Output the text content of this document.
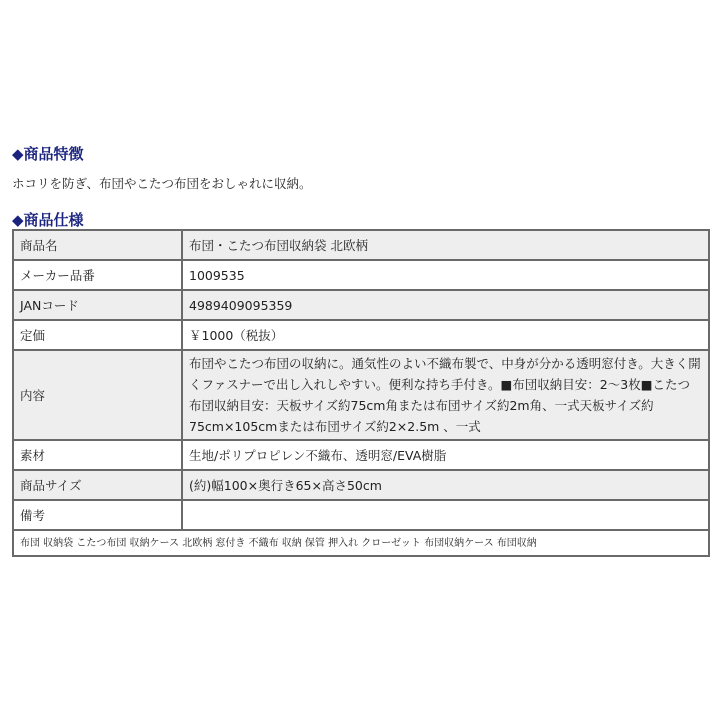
◆商品特徴
ホコリを防ぎ、布団やこたつ布団をおしゃれに収納。
◆商品仕様
商品名	布団・こたつ布団収納袋 北欧柄
メーカー品番	1009535
JANコード	4989409095359
定価	￥1000（税抜）
内容	布団やこたつ布団の収納に。通気性のよい不織布製で、中身が分かる透明窓付き。大きく開くファスナーで出し入れしやすい。便利な持ち手付き。■布団収納目安：2～3枚■こたつ布団収納目安：天板サイズ約75cm角または布団サイズ約2m角、一式天板サイズ約75cm×105cmまたは布団サイズ約2×2.5m 、一式
素材	生地/ポリプロピレン不織布、透明窓/EVA樹脂
商品サイズ	(約)幅100×奥行き65×高さ50cm
備考	
布団 収納袋 こたつ布団 収納ケース 北欧柄 窓付き 不織布 収納 保管 押入れ クローゼット 布団収納ケース 布団収納	
